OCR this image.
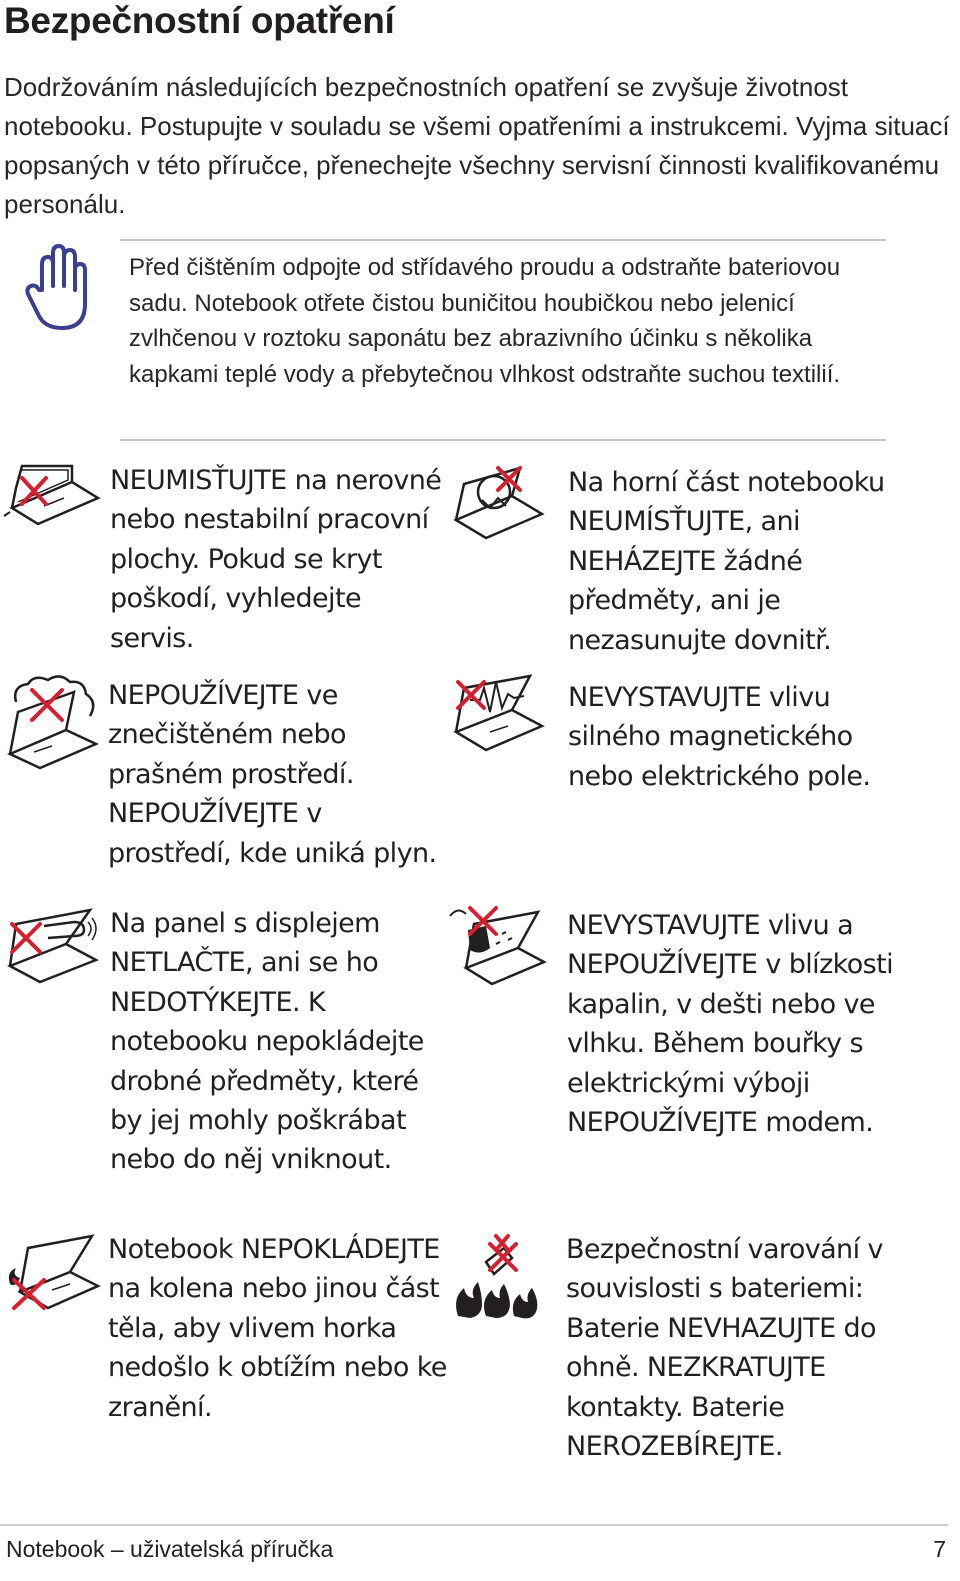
Bezpečnostní opatření

Dodržováním následujících bezpečnostních opatření se zvyšuje životnost notebooku. Postupujte v souladu se všemi opatřeními a instrukcemi. Vyjma situací popsaných v této příručce, přenechejte všechny servisní činnosti kvalifikovanému personálu.

Před čištěním odpojte od střídavého proudu a odstraňte bateriovou sadu. Notebook otřete čistou buničitou houbičkou nebo jelenicí zvlhčenou v roztoku saponátu bez abrazivního účinku s několika kapkami teplé vody a přebytečnou vlhkost odstraňte suchou textilií.

NEUMISŤUJTE na nerovné nebo nestabilní pracovní plochy. Pokud se kryt poškodí, vyhledejte servis.

Na horní část notebooku NEUMÍSŤUJTE, ani NEHÁZEJTE žádné předměty, ani je nezasunujte dovnitř.

NEPOUŽÍVEJTE ve znečištěném nebo prašném prostředí. NEPOUŽÍVEJTE v prostředí, kde uniká plyn.

NEVYSTAVUJTE vlivu silného magnetického nebo elektrického pole.

Na panel s displejem NETLAČTE, ani se ho NEDOTÝKEJTE. K notebooku nepokládejte drobné předměty, které by jej mohly poškrábat nebo do něj vniknout.

NEVYSTAVUJTE vlivu a NEPOUŽÍVEJTE v blízkosti kapalin, v dešti nebo ve vlhku. Během bouřky s elektrickými výboji NEPOUŽÍVEJTE modem.

Notebook NEPOKLÁDEJTE na kolena nebo jinou část těla, aby vlivem horka nedošlo k obtížím nebo ke zranění.

Bezpečnostní varování v souvislosti s bateriemi: Baterie NEVHAZUJTE do ohně. NEZKRATUJTE kontakty. Baterie NEROZEBÍREJTE.

Notebook – uživatelská příručka	7
